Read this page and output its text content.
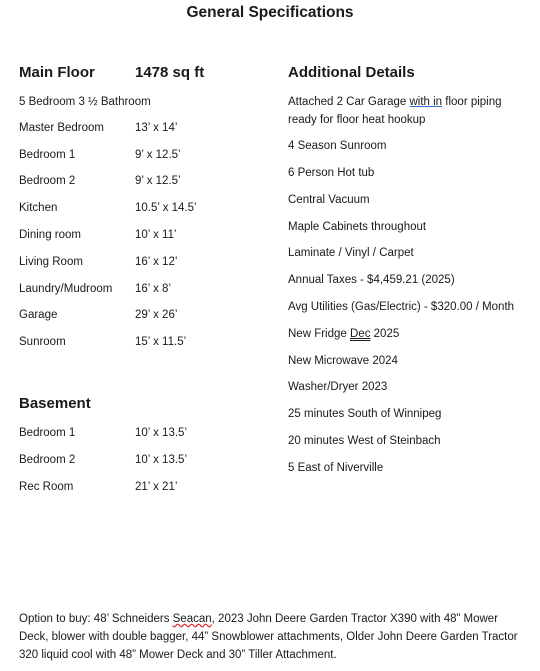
General Specifications
Main Floor	1478 sq ft
5 Bedroom 3 ½ Bathroom
Master Bedroom	13’ x 14’
Bedroom 1	9’ x 12.5’
Bedroom 2	9’ x 12.5’
Kitchen	10.5’ x 14.5’
Dining room	10’ x 11’
Living Room	16’ x 12’
Laundry/Mudroom	16’ x 8’
Garage	29’ x 26’
Sunroom	15’ x 11.5’
Basement
Bedroom 1	10’ x 13.5’
Bedroom 2	10’ x 13.5’
Rec Room	21’ x 21’
Additional Details
Attached 2 Car Garage with in floor piping ready for floor heat hookup
4 Season Sunroom
6 Person Hot tub
Central Vacuum
Maple Cabinets throughout
Laminate / Vinyl / Carpet
Annual Taxes - $4,459.21 (2025)
Avg Utilities (Gas/Electric) - $320.00 / Month
New Fridge Dec 2025
New Microwave 2024
Washer/Dryer 2023
25 minutes South of Winnipeg
20 minutes West of Steinbach
5 East of Niverville
Option to buy: 48’ Schneiders Seacan, 2023 John Deere Garden Tractor X390 with 48” Mower Deck, blower with double bagger, 44” Snowblower attachments, Older John Deere Garden Tractor 320 liquid cool with 48” Mower Deck and 30” Tiller Attachment.
